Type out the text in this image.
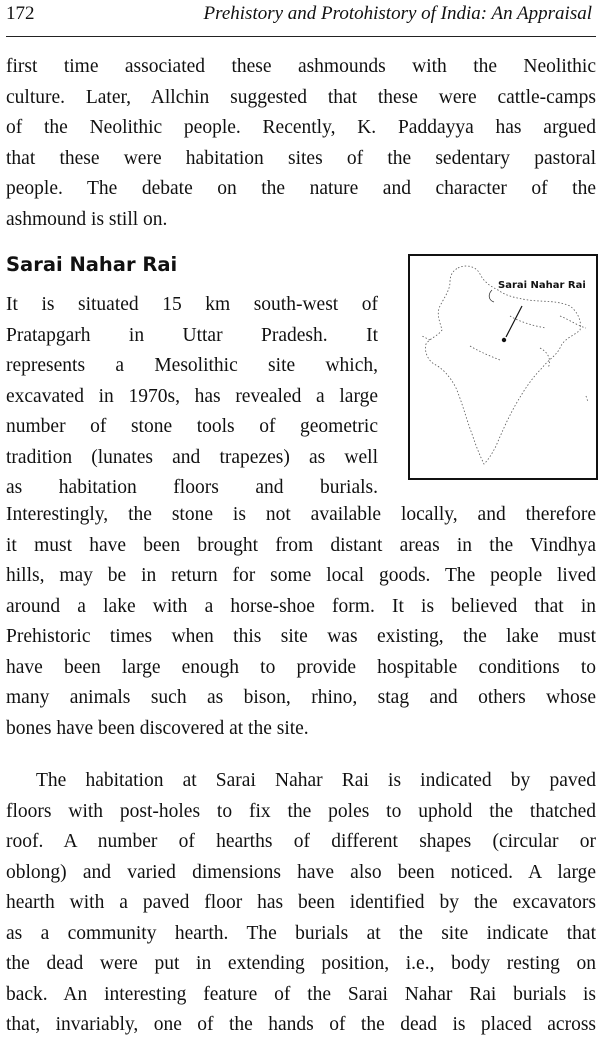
172	Prehistory and Protohistory of India: An Appraisal
first time associated these ashmounds with the Neolithic
culture. Later, Allchin suggested that these were cattle-camps
of the Neolithic people. Recently, K. Paddayya has argued
that these were habitation sites of the sedentary pastoral
people. The debate on the nature and character of the
ashmound is still on.
Sarai Nahar Rai
It is situated 15 km south-west of
Pratapgarh in Uttar Pradesh. It
represents a Mesolithic site which,
excavated in 1970s, has revealed a large
number of stone tools of geometric
tradition (lunates and trapezes) as well
as habitation floors and burials.
Sarai Nahar Rai
Interestingly, the stone is not available locally, and therefore
it must have been brought from distant areas in the Vindhya
hills, may be in return for some local goods. The people lived
around a lake with a horse-shoe form. It is believed that in
Prehistoric times when this site was existing, the lake must
have been large enough to provide hospitable conditions to
many animals such as bison, rhino, stag and others whose
bones have been discovered at the site.
The habitation at Sarai Nahar Rai is indicated by paved
floors with post-holes to fix the poles to uphold the thatched
roof. A number of hearths of different shapes (circular or
oblong) and varied dimensions have also been noticed. A large
hearth with a paved floor has been identified by the excavators
as a community hearth. The burials at the site indicate that
the dead were put in extending position, i.e., body resting on
back. An interesting feature of the Sarai Nahar Rai burials is
that, invariably, one of the hands of the dead is placed across
